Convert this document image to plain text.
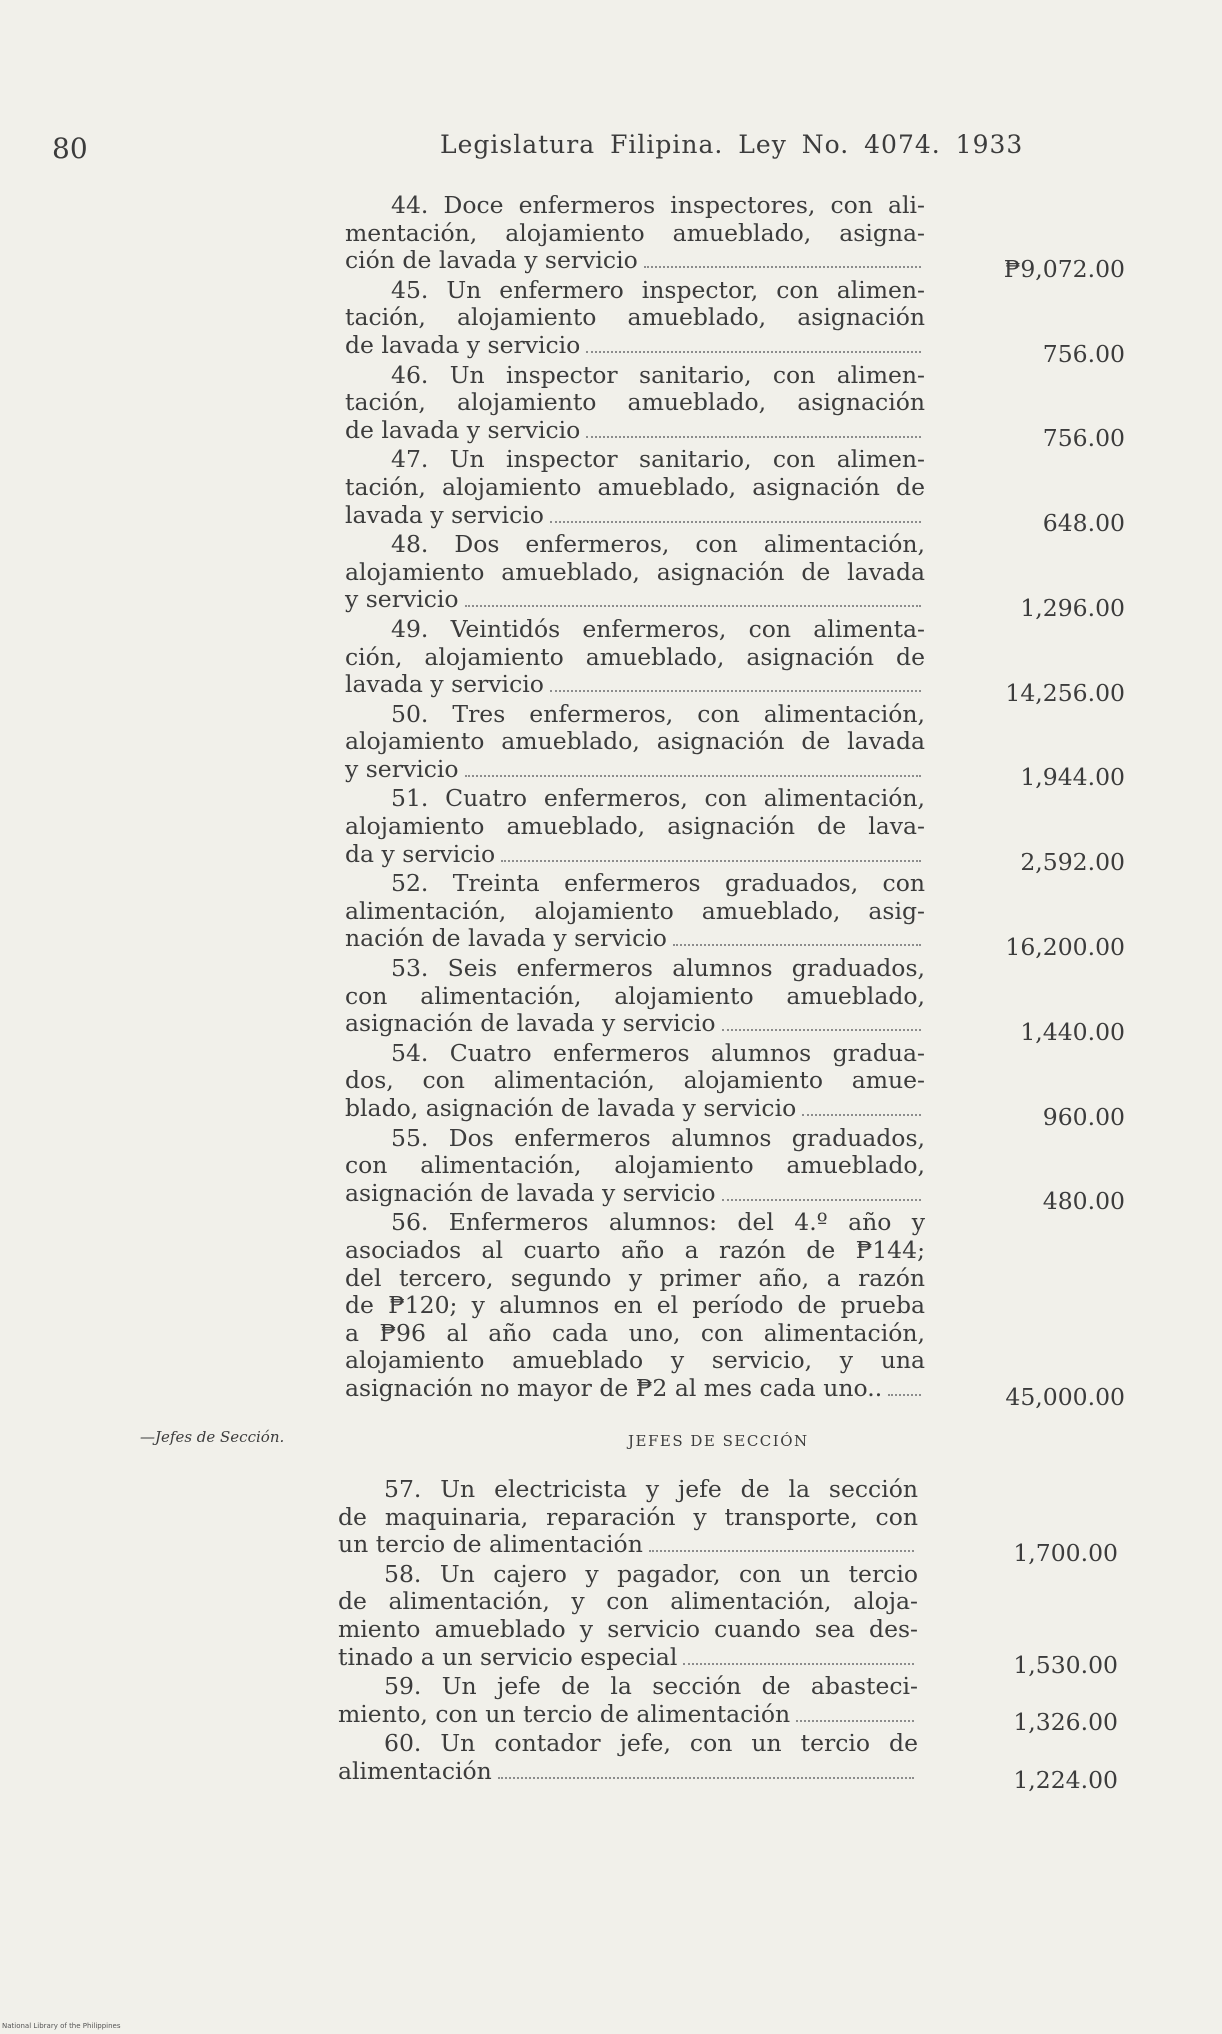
80	Legislatura Filipina. Ley No. 4074. 1933
44. Doce enfermeros inspectores, con ali-
mentación, alojamiento amueblado, asigna-
ción de lavada y servicio	₱9,072.00
45. Un enfermero inspector, con alimen-
tación, alojamiento amueblado, asignación
de lavada y servicio	756.00
46. Un inspector sanitario, con alimen-
tación, alojamiento amueblado, asignación
de lavada y servicio	756.00
47. Un inspector sanitario, con alimen-
tación, alojamiento amueblado, asignación de
lavada y servicio	648.00
48. Dos enfermeros, con alimentación,
alojamiento amueblado, asignación de lavada
y servicio	1,296.00
49. Veintidós enfermeros, con alimenta-
ción, alojamiento amueblado, asignación de
lavada y servicio	14,256.00
50. Tres enfermeros, con alimentación,
alojamiento amueblado, asignación de lavada
y servicio	1,944.00
51. Cuatro enfermeros, con alimentación,
alojamiento amueblado, asignación de lava-
da y servicio	2,592.00
52. Treinta enfermeros graduados, con
alimentación, alojamiento amueblado, asig-
nación de lavada y servicio	16,200.00
53. Seis enfermeros alumnos graduados,
con alimentación, alojamiento amueblado,
asignación de lavada y servicio	1,440.00
54. Cuatro enfermeros alumnos gradua-
dos, con alimentación, alojamiento amue-
blado, asignación de lavada y servicio	960.00
55. Dos enfermeros alumnos graduados,
con alimentación, alojamiento amueblado,
asignación de lavada y servicio	480.00
56. Enfermeros alumnos: del 4.º año y
asociados al cuarto año a razón de ₱144;
del tercero, segundo y primer año, a razón
de ₱120; y alumnos en el período de prueba
a ₱96 al año cada uno, con alimentación,
alojamiento amueblado y servicio, y una
asignación no mayor de ₱2 al mes cada uno..	45,000.00
—Jefes de Sección.	JEFES DE SECCIÓN
57. Un electricista y jefe de la sección
de maquinaria, reparación y transporte, con
un tercio de alimentación	1,700.00
58. Un cajero y pagador, con un tercio
de alimentación, y con alimentación, aloja-
miento amueblado y servicio cuando sea des-
tinado a un servicio especial	1,530.00
59. Un jefe de la sección de abasteci-
miento, con un tercio de alimentación	1,326.00
60. Un contador jefe, con un tercio de
alimentación	1,224.00
National Library of the Philippines
